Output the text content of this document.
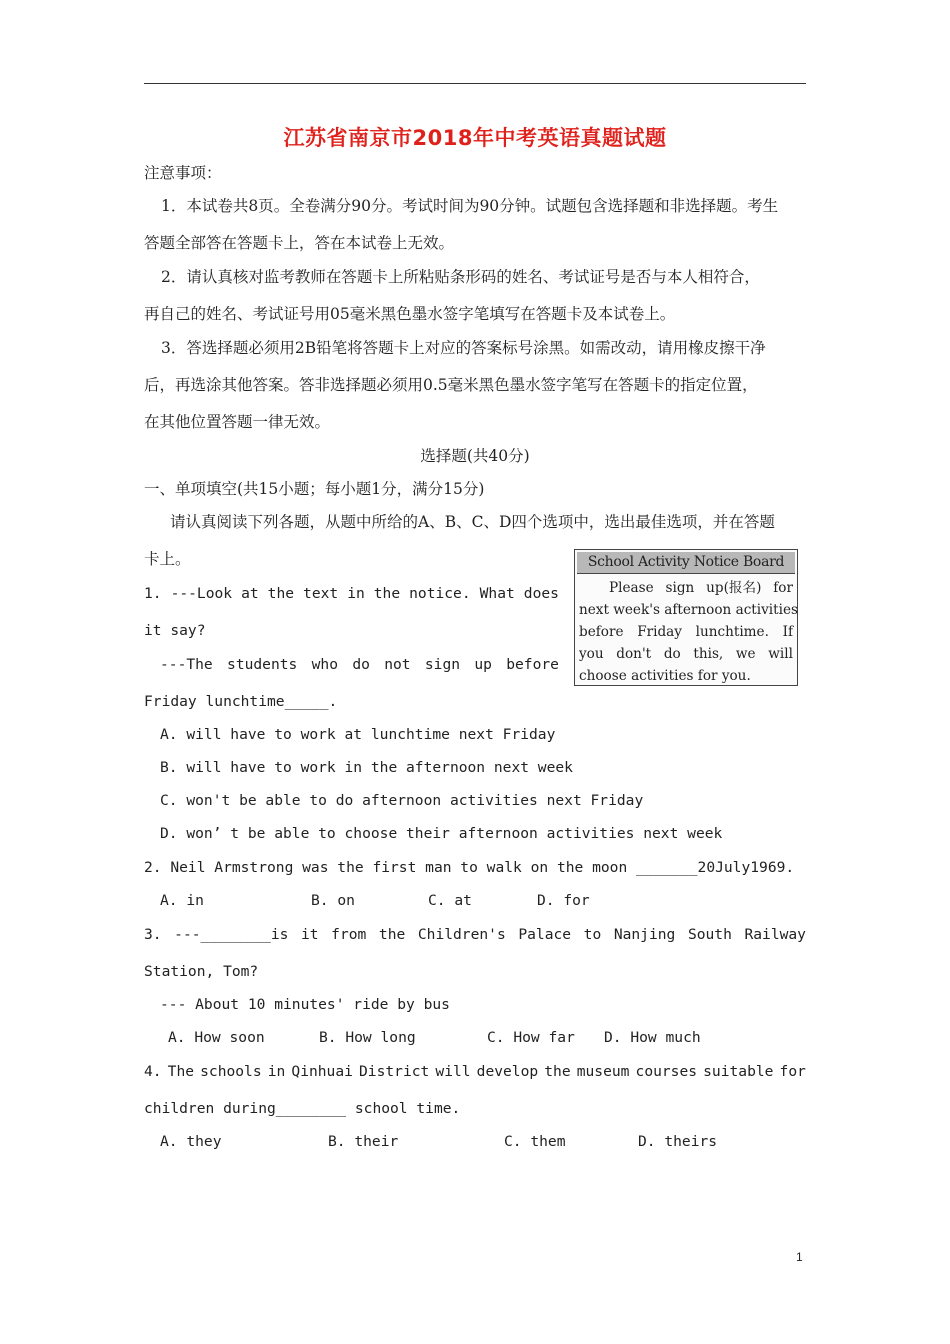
江苏省南京市2018年中考英语真题试题
注意事项：
1．本试卷共8页。全卷满分90分。考试时间为90分钟。试题包含选择题和非选择题。考生
答题全部答在答题卡上，答在本试卷上无效。
2．请认真核对监考教师在答题卡上所粘贴条形码的姓名、考试证号是否与本人相符合，
再自己的姓名、考试证号用05毫米黑色墨水签字笔填写在答题卡及本试卷上。
3．答选择题必须用2B铅笔将答题卡上对应的答案标号涂黑。如需改动，请用橡皮擦干净
后，再选涂其他答案。答非选择题必须用0.5毫米黑色墨水签字笔写在答题卡的指定位置，
在其他位置答题一律无效。
选择题(共40分)
一、单项填空(共15小题；每小题1分，满分15分)
请认真阅读下列各题，从题中所给的A、B、C、D四个选项中，选出最佳选项，并在答题
卡上。	School Activity Notice Board
Please sign up(报名) for
next week's afternoon activities
before Friday lunchtime. If
you don't do this, we will
choose activities for you.
1. ---Look at the text in the notice. What does
it say?
---The students who do not sign up before
Friday lunchtime_____.
A. will have to work at lunchtime next Friday
B. will have to work in the afternoon next week
C. won't be able to do afternoon activities next Friday
D. won’ t be able to choose their afternoon activities next week
2. Neil Armstrong was the first man to walk on the moon _______20July1969.
A. in	B. on	C. at	D. for
3. ---________is it from the Children's Palace to Nanjing South Railway
Station, Tom?
--- About 10 minutes' ride by bus
A. How soon	B. How long	C. How far D. How much
4. The schools in Qinhuai District will develop the museum courses suitable for
children during________ school time.
A. they	B. their	C. them	D. theirs
1
